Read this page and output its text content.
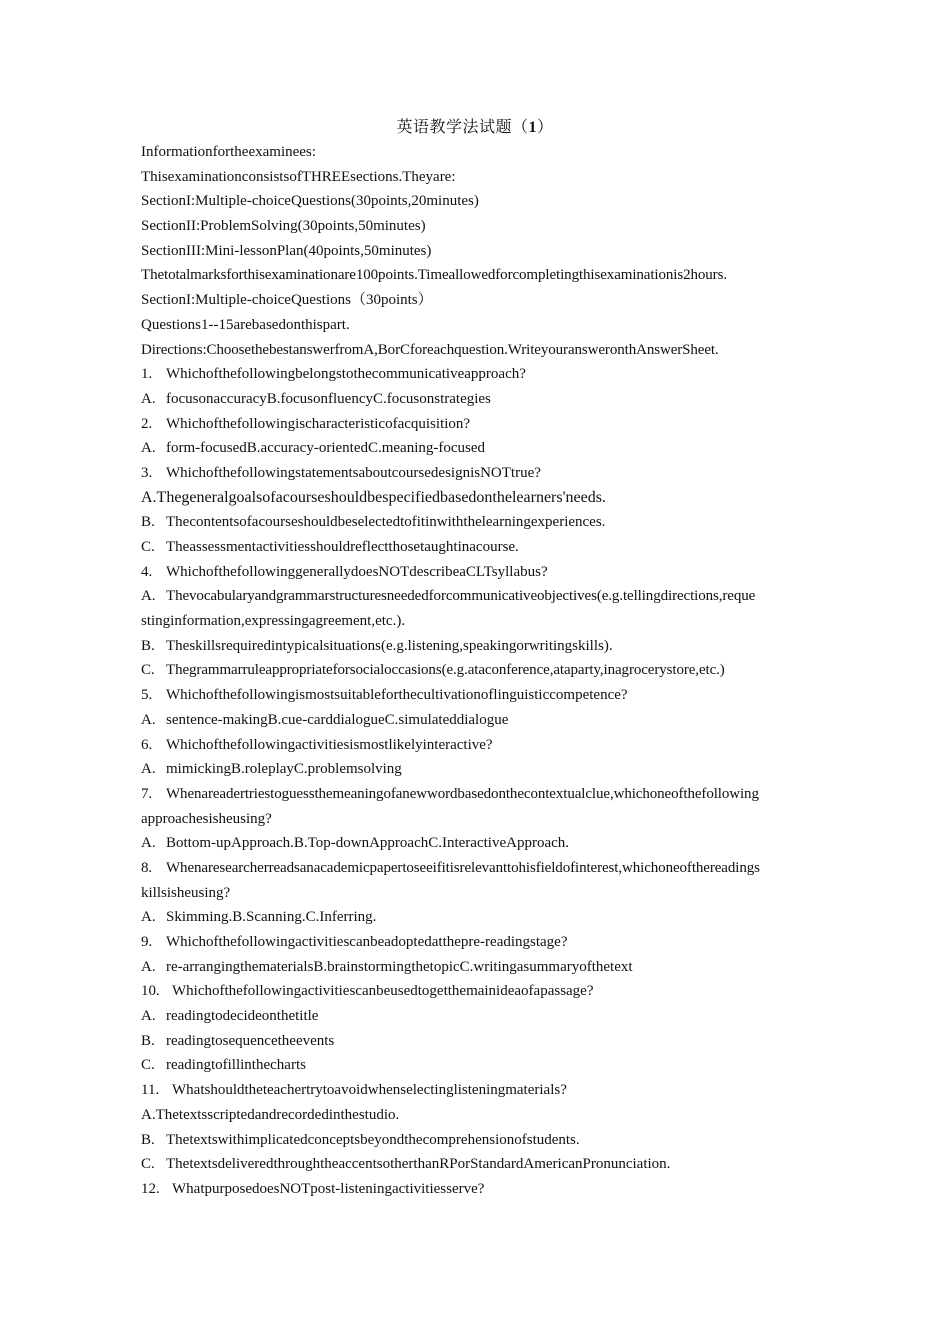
英语教学法试题（1）
Informationfortheexaminees:
ThisexaminationconsistsofTHREEsections.Theyare:
SectionI:Multiple-choiceQuestions(30points,20minutes)
SectionII:ProblemSolving(30points,50minutes)
SectionIII:Mini-lessonPlan(40points,50minutes)
Thetotalmarksforthisexaminationare100points.Timeallowedforcompletingthisexaminationis2hours.
SectionI:Multiple-choiceQuestions（30points）
Questions1--15arebasedonthispart.
Directions:ChoosethebestanswerfromA,BorCforeachquestion.WriteyouransweronthAnswerSheet.
1. Whichofthefollowingbelongstothecommunicativeapproach?
A. focusonaccuracyB.focusonfluencyC.focusonstrategies
2. Whichofthefollowingischaracteristicofacquisition?
A. form-focusedB.accuracy-orientedC.meaning-focused
3. WhichofthefollowingstatementsaboutcoursedesignisNOTtrue?
A.Thegeneralgoalsofacourseshouldbespecifiedbasedonthelearners'needs.
B. Thecontentsofacourseshouldbeselectedtofitinwiththelearningexperiences.
C. Theassessmentactivitiesshouldreflectthosetaughtinacourse.
4. WhichofthefollowinggenerallydoesNOTdescribeaCLTsyllabus?
A. Thevocabularyandgrammarstructuresneededforcommunicativeobjectives(e.g.tellingdirections,reque
stinginformation,expressingagreement,etc.).
B. Theskillsrequiredintypicalsituations(e.g.listening,speakingorwritingskills).
C. Thegrammarruleappropriateforsocialoccasions(e.g.ataconference,ataparty,inagrocerystore,etc.)
5. Whichofthefollowingismostsuitableforthecultivationoflinguisticcompetence?
A. sentence-makingB.cue-carddialogueC.simulateddialogue
6. Whichofthefollowingactivitiesismostlikelyinteractive?
A. mimickingB.roleplayC.problemsolving
7. Whenareadertriestoguessthemeaningofanewwordbasedonthecontextualclue,whichoneofthefollowing
approachesisheusing?
A. Bottom-upApproach.B.Top-downApproachC.InteractiveApproach.
8. Whenaresearcherreadsanacademicpapertoseeifitisrelevanttohisfieldofinterest,whichoneofthereadings
killsisheusing?
A. Skimming.B.Scanning.C.Inferring.
9. Whichofthefollowingactivitiescanbeadoptedatthepre-readingstage?
A. re-arrangingthematerialsB.brainstormingthetopicC.writingasummaryofthetext
10. Whichofthefollowingactivitiescanbeusedtogetthemainideaofapassage?
A. readingtodecideonthetitle
B. readingtosequencetheevents
C. readingtofillinthecharts
11. Whatshouldtheteachertrytoavoidwhenselectinglisteningmaterials?
A.Thetextsscriptedandrecordedinthestudio.
B. Thetextswithimplicatedconceptsbeyondthecomprehensionofstudents.
C. ThetextsdeliveredthroughtheaccentsotherthanRPorStandardAmericanPronunciation.
12. WhatpurposedoesNOTpost-listeningactivitiesserve?
